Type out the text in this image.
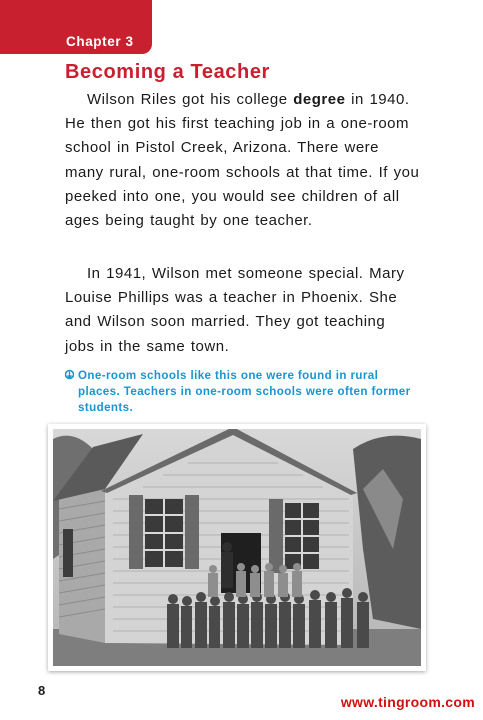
Chapter 3
Becoming a Teacher

Wilson Riles got his college degree in 1940. He then got his first teaching job in a one-room school in Pistol Creek, Arizona. There were many rural, one-room schools at that time. If you peeked into one, you would see children of all ages being taught by one teacher.

In 1941, Wilson met someone special. Mary Louise Phillips was a teacher in Phoenix. She and Wilson soon married. They got teaching jobs in the same town.

One-room schools like this one were found in rural places. Teachers in one-room schools were often former students.
8
www.tingroom.com
